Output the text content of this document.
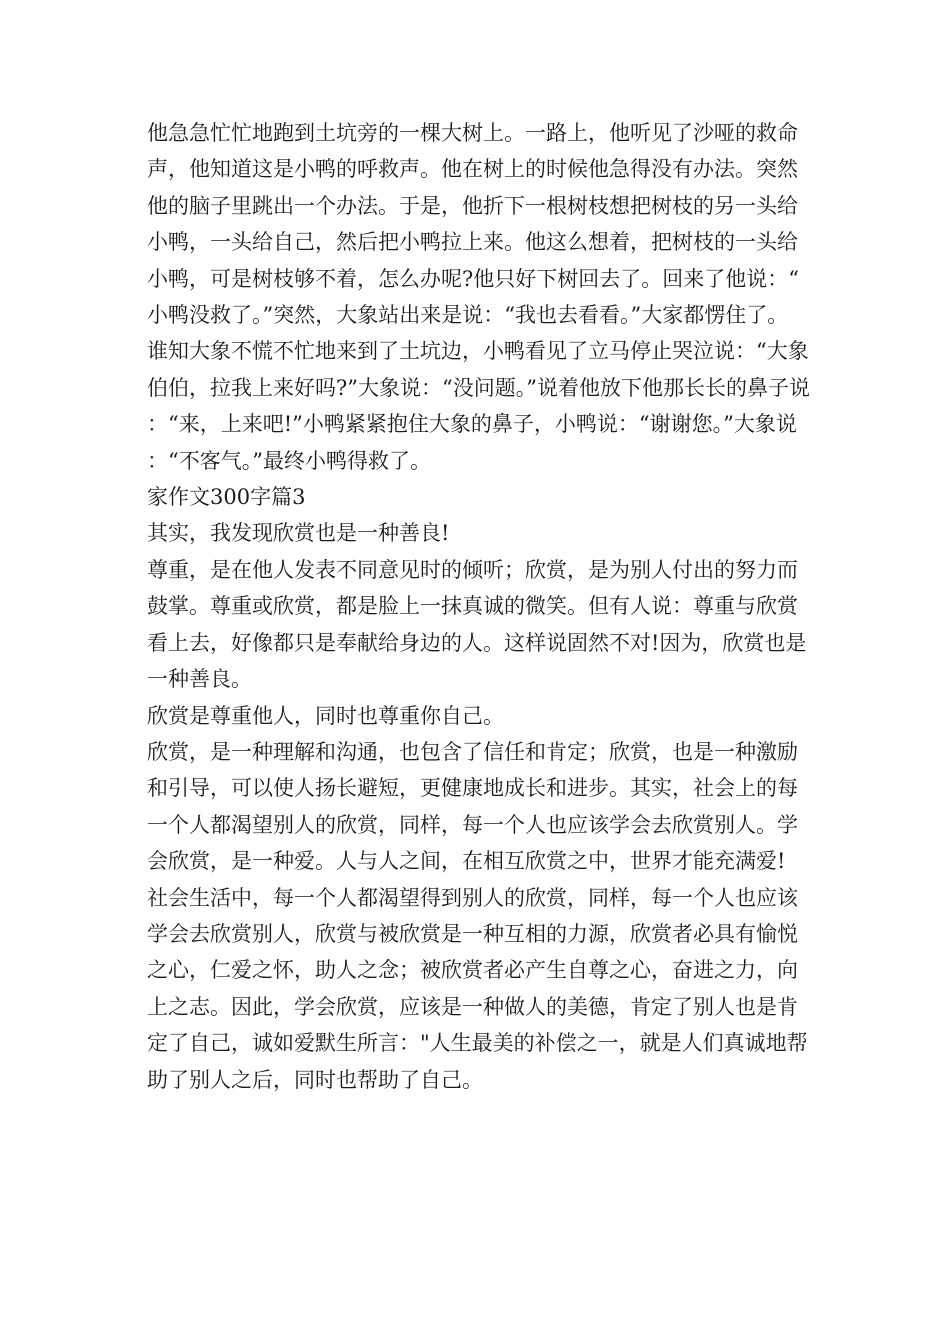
他急急忙忙地跑到土坑旁的一棵大树上。一路上，他听见了沙哑的救命声，他知道这是小鸭的呼救声。他在树上的时候他急得没有办法。突然他的脑子里跳出一个办法。于是，他折下一根树枝想把树枝的另一头给小鸭，一头给自己，然后把小鸭拉上来。他这么想着，把树枝的一头给小鸭，可是树枝够不着，怎么办呢?他只好下树回去了。回来了他说：“小鸭没救了。”突然，大象站出来是说：“我也去看看。”大家都愣住了。

谁知大象不慌不忙地来到了土坑边，小鸭看见了立马停止哭泣说：“大象伯伯，拉我上来好吗?”大象说：“没问题。”说着他放下他那长长的鼻子说：“来，上来吧!”小鸭紧紧抱住大象的鼻子，小鸭说：“谢谢您。”大象说：“不客气。”最终小鸭得救了。

家作文300字篇3

其实，我发现欣赏也是一种善良!

尊重，是在他人发表不同意见时的倾听；欣赏，是为别人付出的努力而鼓掌。尊重或欣赏，都是脸上一抹真诚的微笑。但有人说：尊重与欣赏看上去，好像都只是奉献给身边的人。这样说固然不对!因为，欣赏也是一种善良。

欣赏是尊重他人，同时也尊重你自己。

欣赏，是一种理解和沟通，也包含了信任和肯定；欣赏，也是一种激励和引导，可以使人扬长避短，更健康地成长和进步。其实，社会上的每一个人都渴望别人的欣赏，同样，每一个人也应该学会去欣赏别人。学会欣赏，是一种爱。人与人之间，在相互欣赏之中，世界才能充满爱!

社会生活中，每一个人都渴望得到别人的欣赏，同样，每一个人也应该学会去欣赏别人，欣赏与被欣赏是一种互相的力源，欣赏者必具有愉悦之心，仁爱之怀，助人之念；被欣赏者必产生自尊之心，奋进之力，向上之志。因此，学会欣赏，应该是一种做人的美德，肯定了别人也是肯定了自己，诚如爱默生所言："人生最美的补偿之一，就是人们真诚地帮助了别人之后，同时也帮助了自己。
